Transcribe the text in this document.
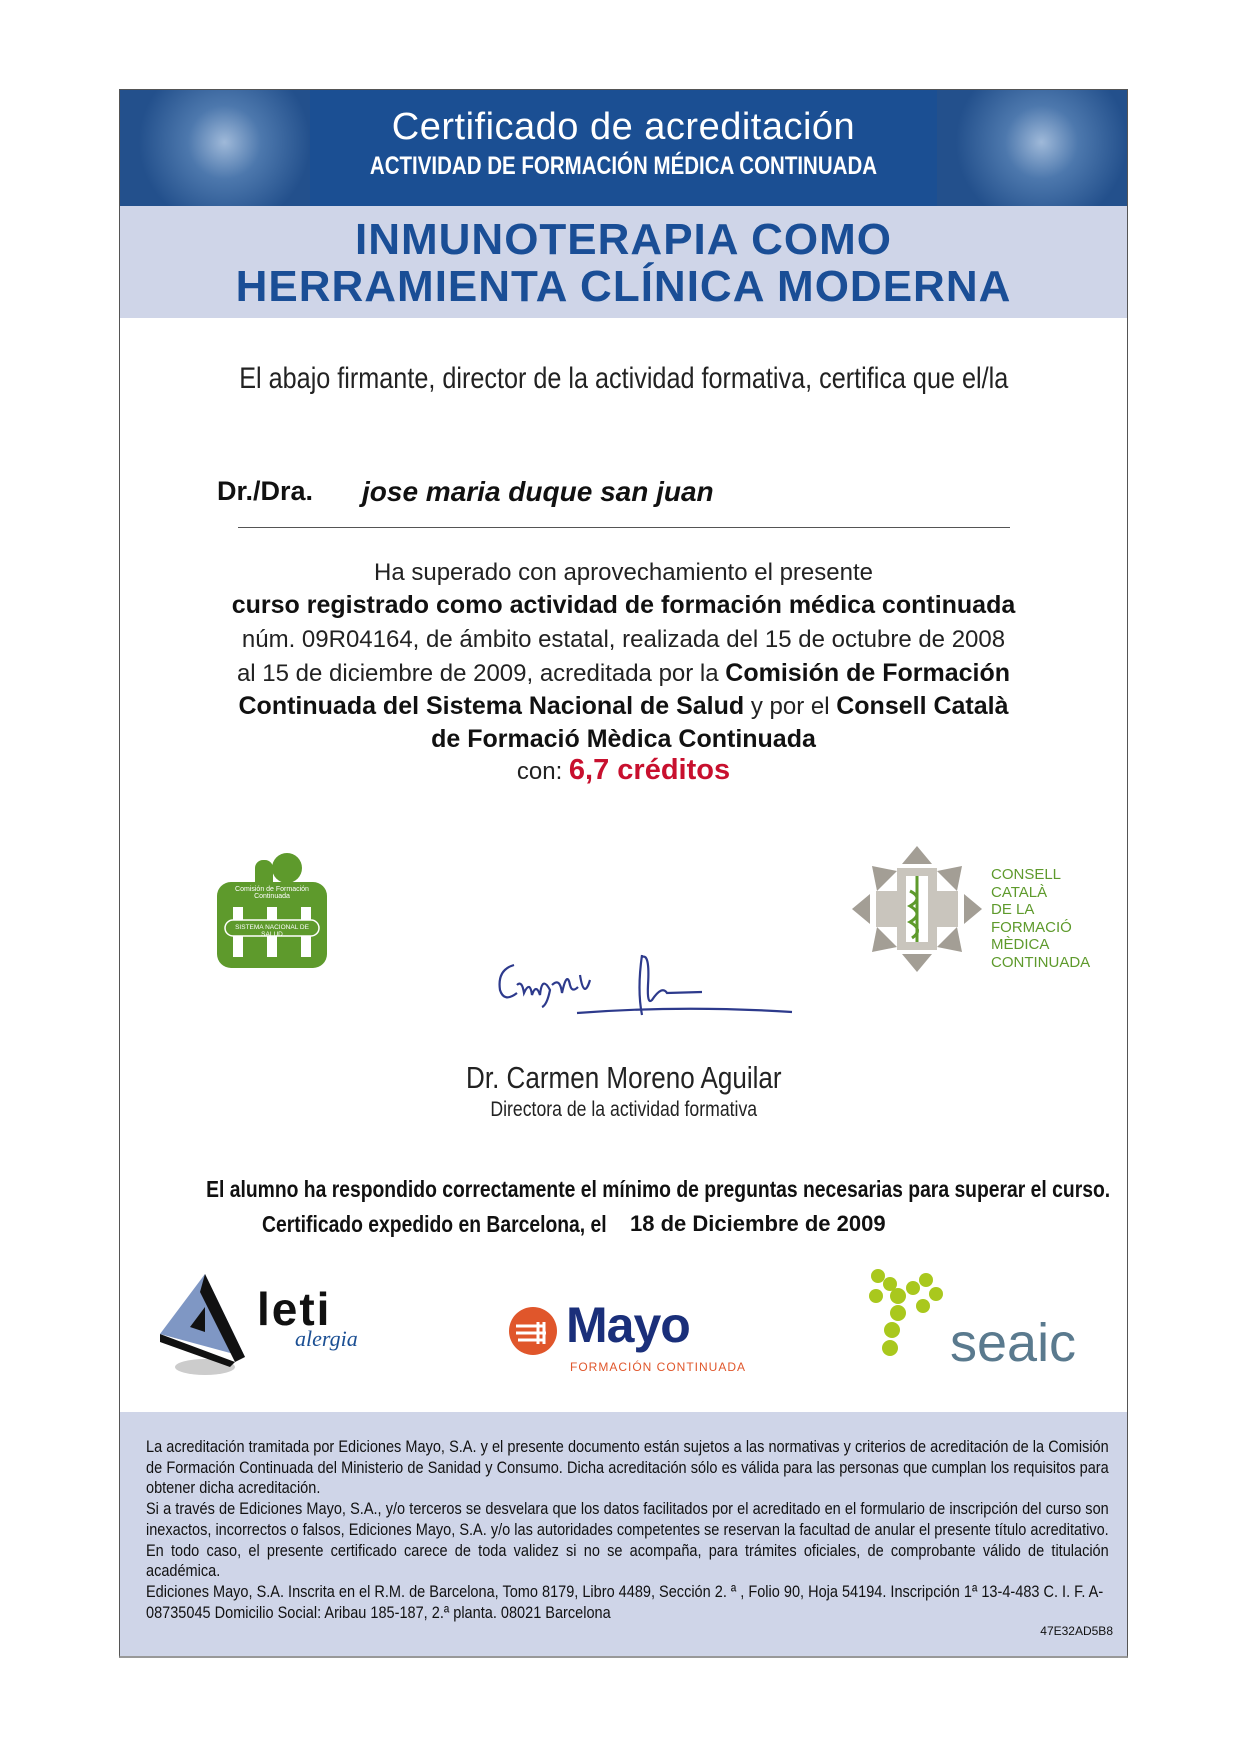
Certificado de acreditación
ACTIVIDAD DE FORMACIÓN MÉDICA CONTINUADA
INMUNOTERAPIA COMO
HERRAMIENTA CLÍNICA MODERNA
El abajo firmante, director de la actividad formativa, certifica que el/la
Dr./Dra. jose maria duque san juan
Ha superado con aprovechamiento el presente
curso registrado como actividad de formación médica continuada
núm. 09R04164, de ámbito estatal, realizada del 15 de octubre de 2008
al 15 de diciembre de 2009, acreditada por la Comisión de Formación
Continuada del Sistema Nacional de Salud y por el Consell Català
de Formació Mèdica Continuada
con: 6,7 créditos
Comisión de Formación Continuada
SISTEMA NACIONAL DE SALUD
CONSELL
CATALÀ
DE LA
FORMACIÓ
MÈDICA
CONTINUADA
Dr. Carmen Moreno Aguilar
Directora de la actividad formativa
El alumno ha respondido correctamente el mínimo de preguntas necesarias para superar el curso.
Certificado expedido en Barcelona, el 18 de Diciembre de 2009
leti
alergia	Mayo
FORMACIÓN CONTINUADA	seaic

La acreditación tramitada por Ediciones Mayo, S.A. y el presente documento están sujetos a las normativas y criterios de acreditación de la Comisión de Formación Continuada del Ministerio de Sanidad y Consumo. Dicha acreditación sólo es válida para las personas que cumplan los requisitos para obtener dicha acreditación.

Si a través de Ediciones Mayo, S.A., y/o terceros se desvelara que los datos facilitados por el acreditado en el formulario de inscripción del curso son inexactos, incorrectos o falsos, Ediciones Mayo, S.A. y/o las autoridades competentes se reservan la facultad de anular el presente título acreditativo. En todo caso, el presente certificado carece de toda validez si no se acompaña, para trámites oficiales, de comprobante válido de titulación académica.

Ediciones Mayo, S.A. Inscrita en el R.M. de Barcelona, Tomo 8179, Libro 4489, Sección 2. ª , Folio 90, Hoja 54194. Inscripción 1ª 13-4-483 C. I. F. A-08735045 Domicilio Social: Aribau 185-187, 2.ª planta. 08021 Barcelona

47E32AD5B8
